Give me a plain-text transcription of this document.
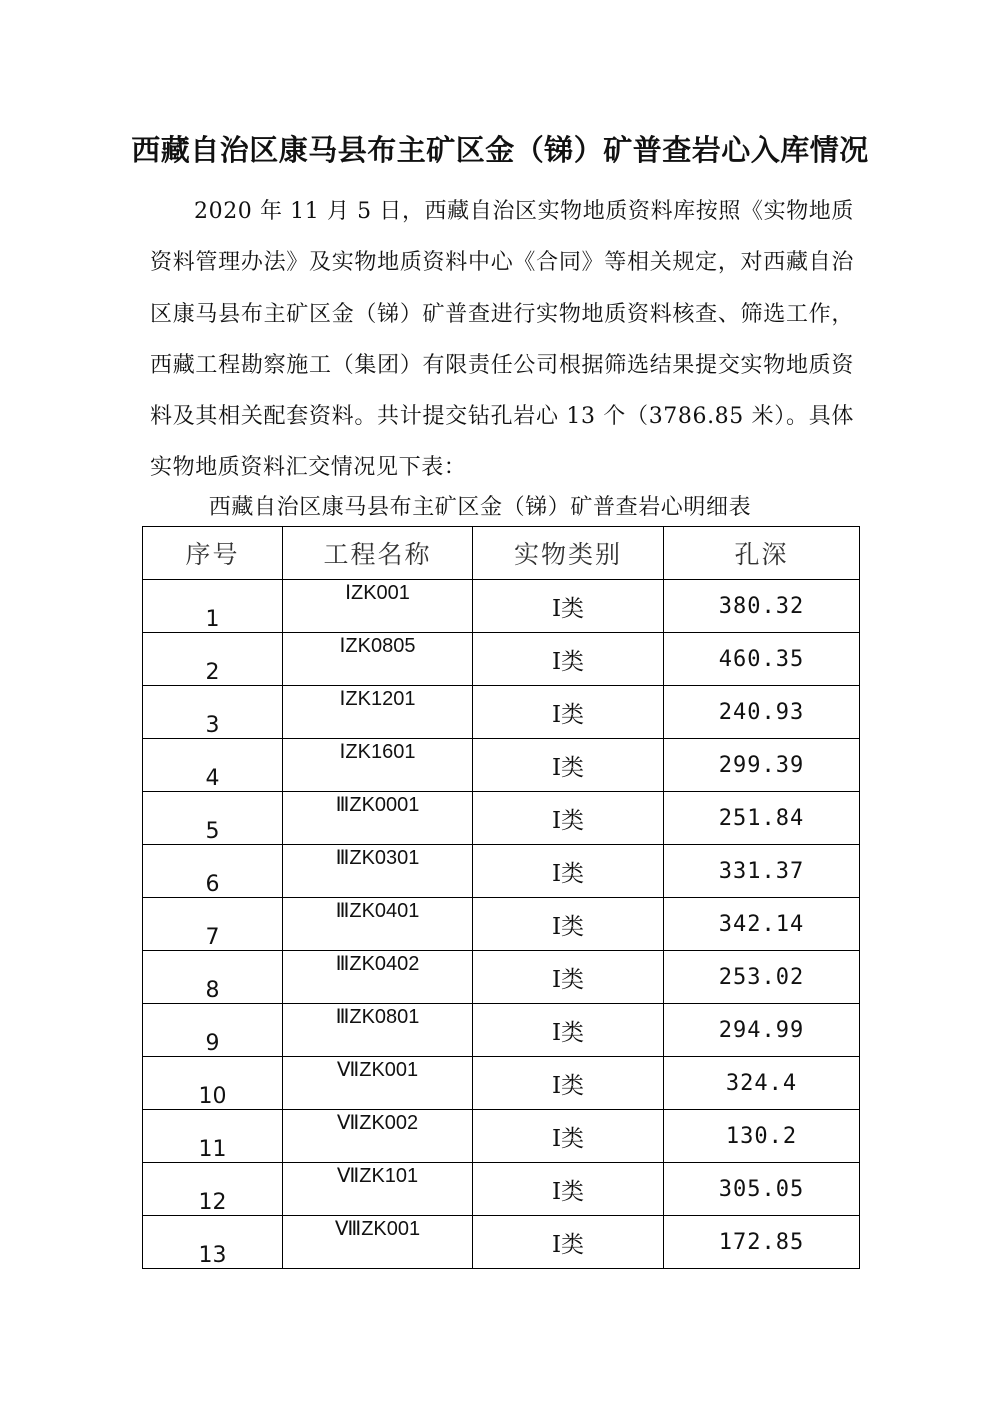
西藏自治区康马县布主矿区金（锑）矿普查岩心入库情况

2020 年 11 月 5 日，西藏自治区实物地质资料库按照《实物地质资料管理办法》及实物地质资料中心《合同》等相关规定，对西藏自治区康马县布主矿区金（锑）矿普查进行实物地质资料核查、筛选工作，西藏工程勘察施工（集团）有限责任公司根据筛选结果提交实物地质资料及其相关配套资料。共计提交钻孔岩心 13 个（3786.85 米）。具体实物地质资料汇交情况见下表：

西藏自治区康马县布主矿区金（锑）矿普查岩心明细表

序号	工程名称	实物类别	孔深
1	ⅠZK001	Ⅰ类	380.32
2	ⅠZK0805	Ⅰ类	460.35
3	ⅠZK1201	Ⅰ类	240.93
4	ⅠZK1601	Ⅰ类	299.39
5	ⅢZK0001	Ⅰ类	251.84
6	ⅢZK0301	Ⅰ类	331.37
7	ⅢZK0401	Ⅰ类	342.14
8	ⅢZK0402	Ⅰ类	253.02
9	ⅢZK0801	Ⅰ类	294.99
10	ⅦZK001	Ⅰ类	324.4
11	ⅦZK002	Ⅰ类	130.2
12	ⅦZK101	Ⅰ类	305.05
13	ⅧZK001	Ⅰ类	172.85
